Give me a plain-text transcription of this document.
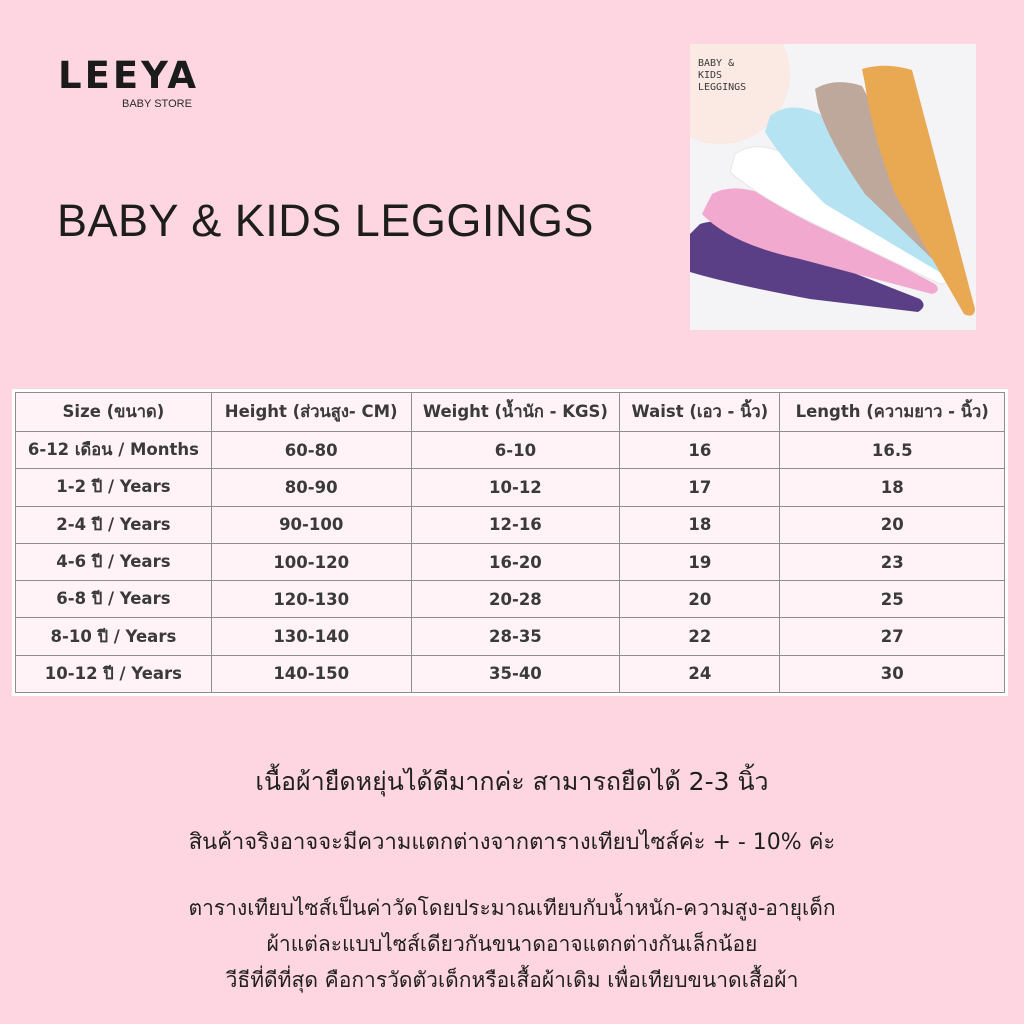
LEEYA
BABY STORE
BABY & KIDS LEGGINGS
BABY &
KIDS
LEGGINGS
Size (ขนาด)	Height (ส่วนสูง- CM)	Weight (น้ำนัก - KGS)	Waist (เอว - นิ้ว)	Length (ความยาว - นิ้ว)
6-12 เดือน / Months	60-80	6-10	16	16.5
1-2 ปี / Years	80-90	10-12	17	18
2-4 ปี / Years	90-100	12-16	18	20
4-6 ปี / Years	100-120	16-20	19	23
6-8 ปี / Years	120-130	20-28	20	25
8-10 ปี / Years	130-140	28-35	22	27
10-12 ปี / Years	140-150	35-40	24	30
เนื้อผ้ายืดหยุ่นได้ดีมากค่ะ สามารถยืดได้ 2-3 นิ้ว
สินค้าจริงอาจจะมีความแตกต่างจากตารางเทียบไซส์ค่ะ + - 10% ค่ะ
ตารางเทียบไซส์เป็นค่าวัดโดยประมาณเทียบกับน้ำหนัก-ความสูง-อายุเด็ก
ผ้าแต่ละแบบไซส์เดียวกันขนาดอาจแตกต่างกันเล็กน้อย
วีธีที่ดีที่สุด คือการวัดตัวเด็กหรือเสื้อผ้าเดิม เพื่อเทียบขนาดเสื้อผ้า
